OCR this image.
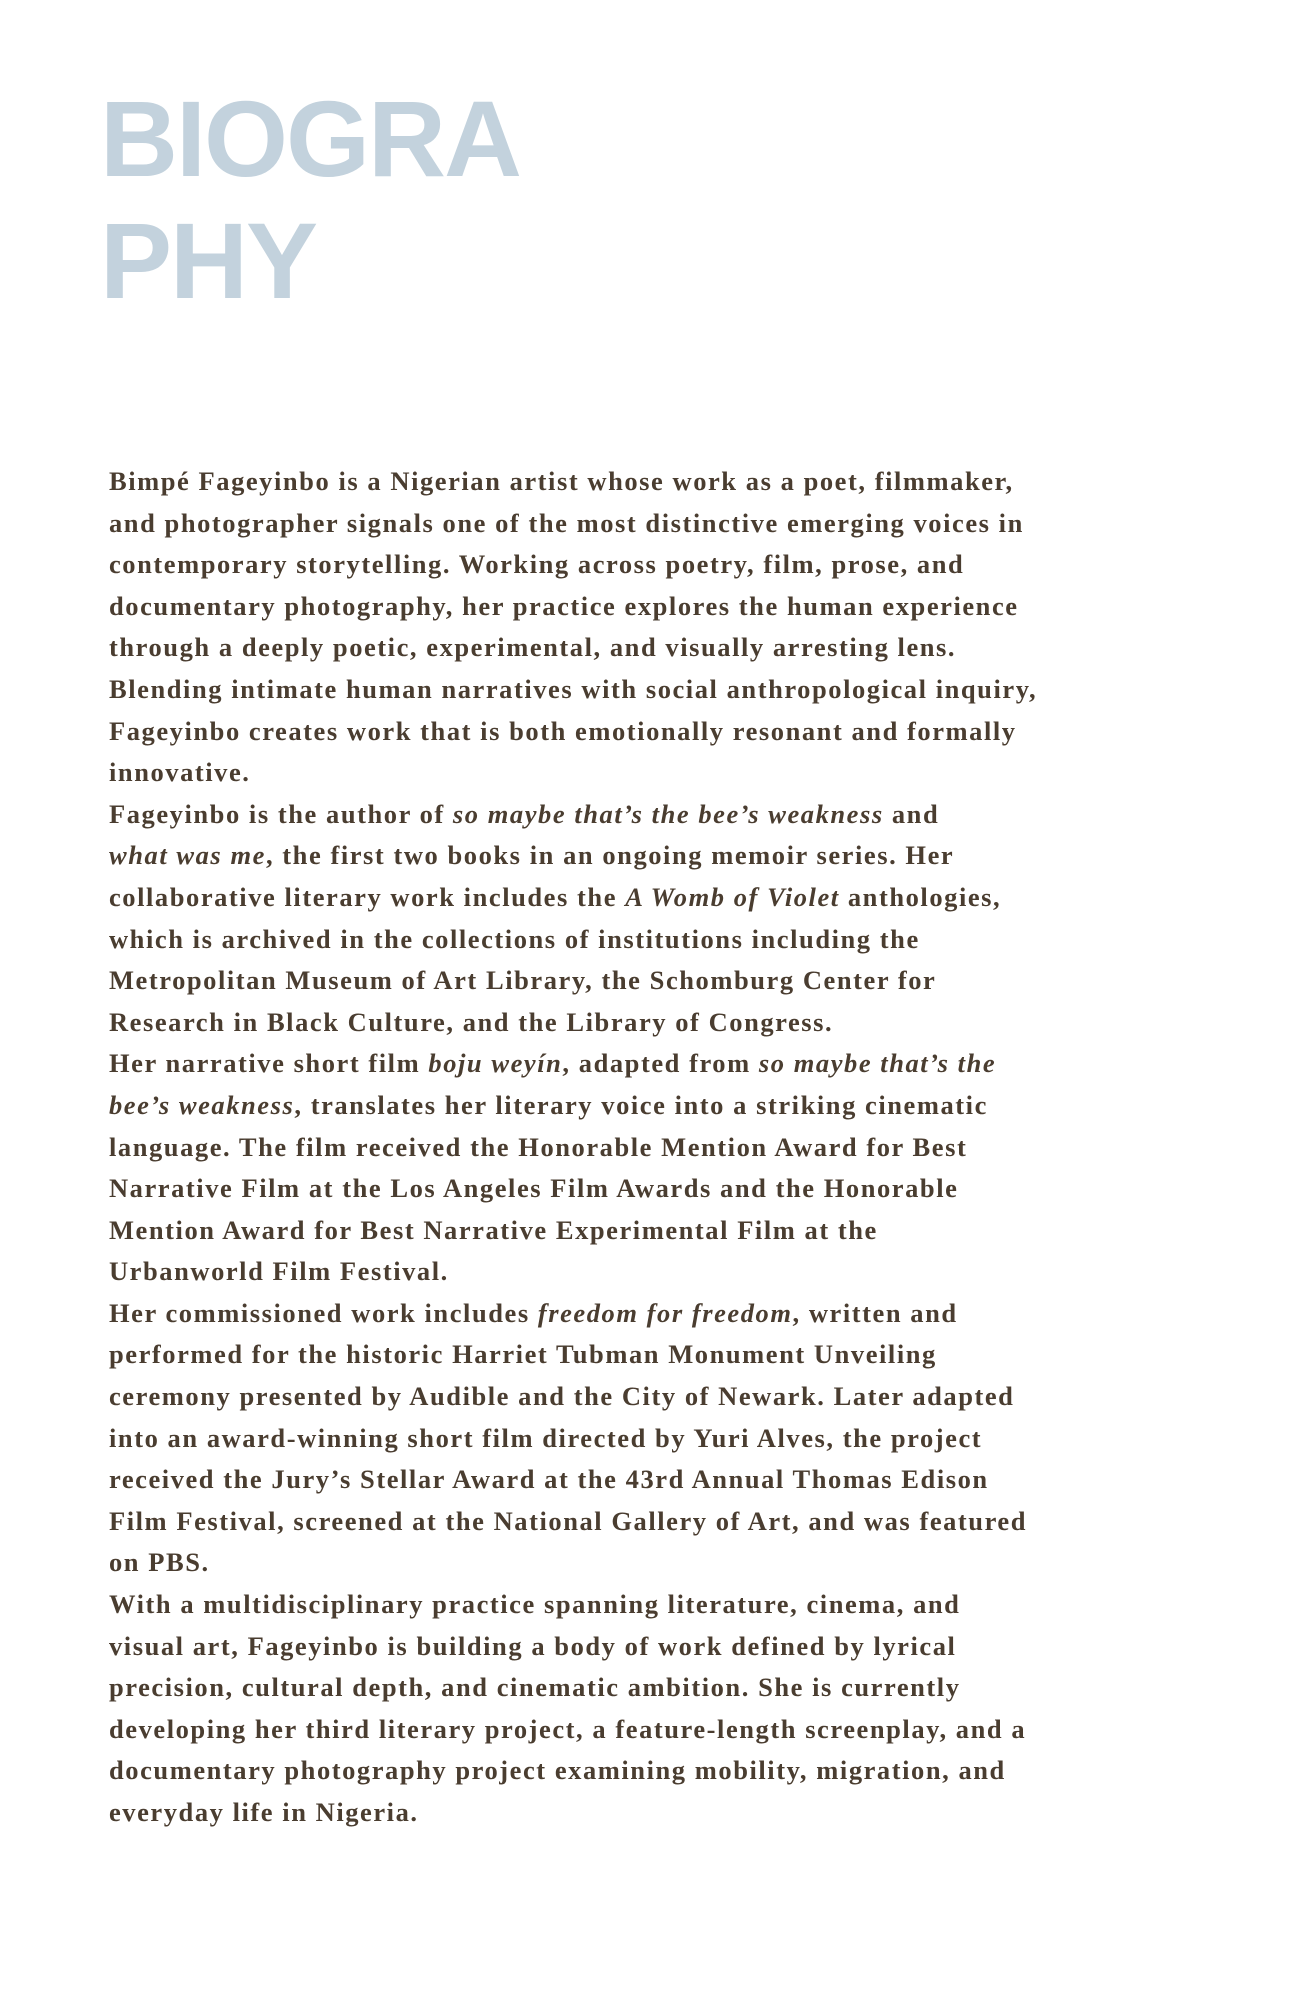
BIOGRA
PHY

Bimpé Fageyinbo is a Nigerian artist whose work as a poet, filmmaker,
and photographer signals one of the most distinctive emerging voices in
contemporary storytelling. Working across poetry, film, prose, and
documentary photography, her practice explores the human experience
through a deeply poetic, experimental, and visually arresting lens.
Blending intimate human narratives with social anthropological inquiry,
Fageyinbo creates work that is both emotionally resonant and formally
innovative.

Fageyinbo is the author of so maybe that’s the bee’s weakness and
what was me, the first two books in an ongoing memoir series. Her
collaborative literary work includes the A Womb of Violet anthologies,
which is archived in the collections of institutions including the
Metropolitan Museum of Art Library, the Schomburg Center for
Research in Black Culture, and the Library of Congress.

Her narrative short film boju weyín, adapted from so maybe that’s the
bee’s weakness, translates her literary voice into a striking cinematic
language. The film received the Honorable Mention Award for Best
Narrative Film at the Los Angeles Film Awards and the Honorable
Mention Award for Best Narrative Experimental Film at the
Urbanworld Film Festival.

Her commissioned work includes freedom for freedom, written and
performed for the historic Harriet Tubman Monument Unveiling
ceremony presented by Audible and the City of Newark. Later adapted
into an award-winning short film directed by Yuri Alves, the project
received the Jury’s Stellar Award at the 43rd Annual Thomas Edison
Film Festival, screened at the National Gallery of Art, and was featured
on PBS.

With a multidisciplinary practice spanning literature, cinema, and
visual art, Fageyinbo is building a body of work defined by lyrical
precision, cultural depth, and cinematic ambition. She is currently
developing her third literary project, a feature-length screenplay, and a
documentary photography project examining mobility, migration, and
everyday life in Nigeria.
